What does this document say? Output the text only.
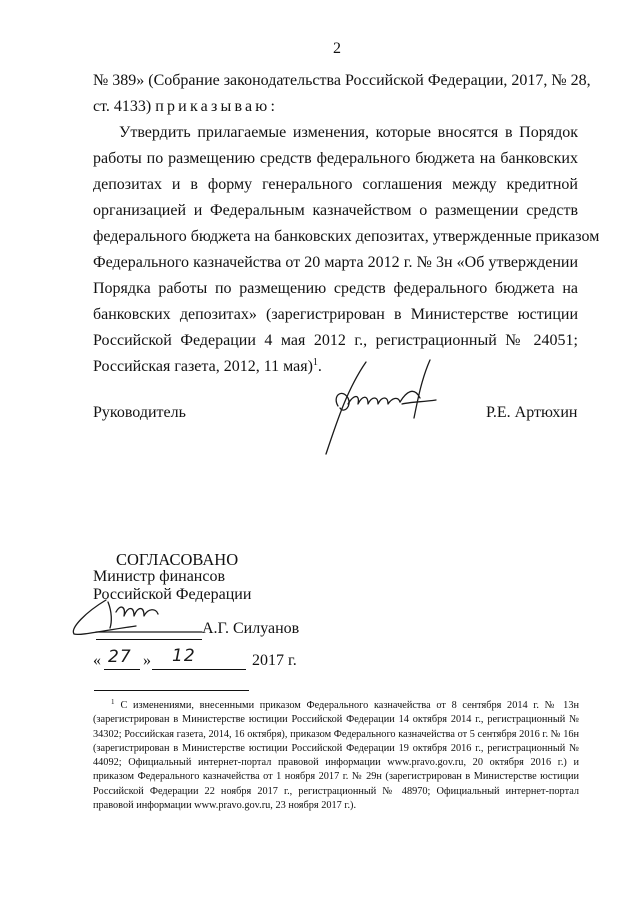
2
№ 389» (Собрание законодательства Российской Федерации, 2017, № 28,
ст. 4133) приказываю:
Утвердить прилагаемые изменения, которые вносятся в Порядок
работы по размещению средств федерального бюджета на банковских
депозитах и в форму генерального соглашения между кредитной
организацией и Федеральным казначейством о размещении средств
федерального бюджета на банковских депозитах, утвержденные приказом
Федерального казначейства от 20 марта 2012 г. № 3н «Об утверждении
Порядка работы по размещению средств федерального бюджета на
банковских депозитах» (зарегистрирован в Министерстве юстиции
Российской Федерации 4 мая 2012 г., регистрационный № 24051;
Российская газета, 2012, 11 мая)$^1$.
Руководитель	Р.Е. Артюхин
СОГЛАСОВАНО
Министр финансов
Российской Федерации
А.Г. Силуанов
« 27 » 12	2017 г.
$^1$ С изменениями, внесенными приказом Федерального казначейства от 8 сентября 2014 г. № 13н (зарегистрирован в Министерстве юстиции Российской Федерации 14 октября 2014 г., регистрационный № 34302; Российская газета, 2014, 16 октября), приказом Федерального казначейства от 5 сентября 2016 г. № 16н (зарегистрирован в Министерстве юстиции Российской Федерации 19 октября 2016 г., регистрационный № 44092; Официальный интернет-портал правовой информации www.pravo.gov.ru, 20 октября 2016 г.) и приказом Федерального казначейства от 1 ноября 2017 г. № 29н (зарегистрирован в Министерстве юстиции Российской Федерации 22 ноября 2017 г., регистрационный № 48970; Официальный интернет-портал правовой информации www.pravo.gov.ru, 23 ноября 2017 г.).
